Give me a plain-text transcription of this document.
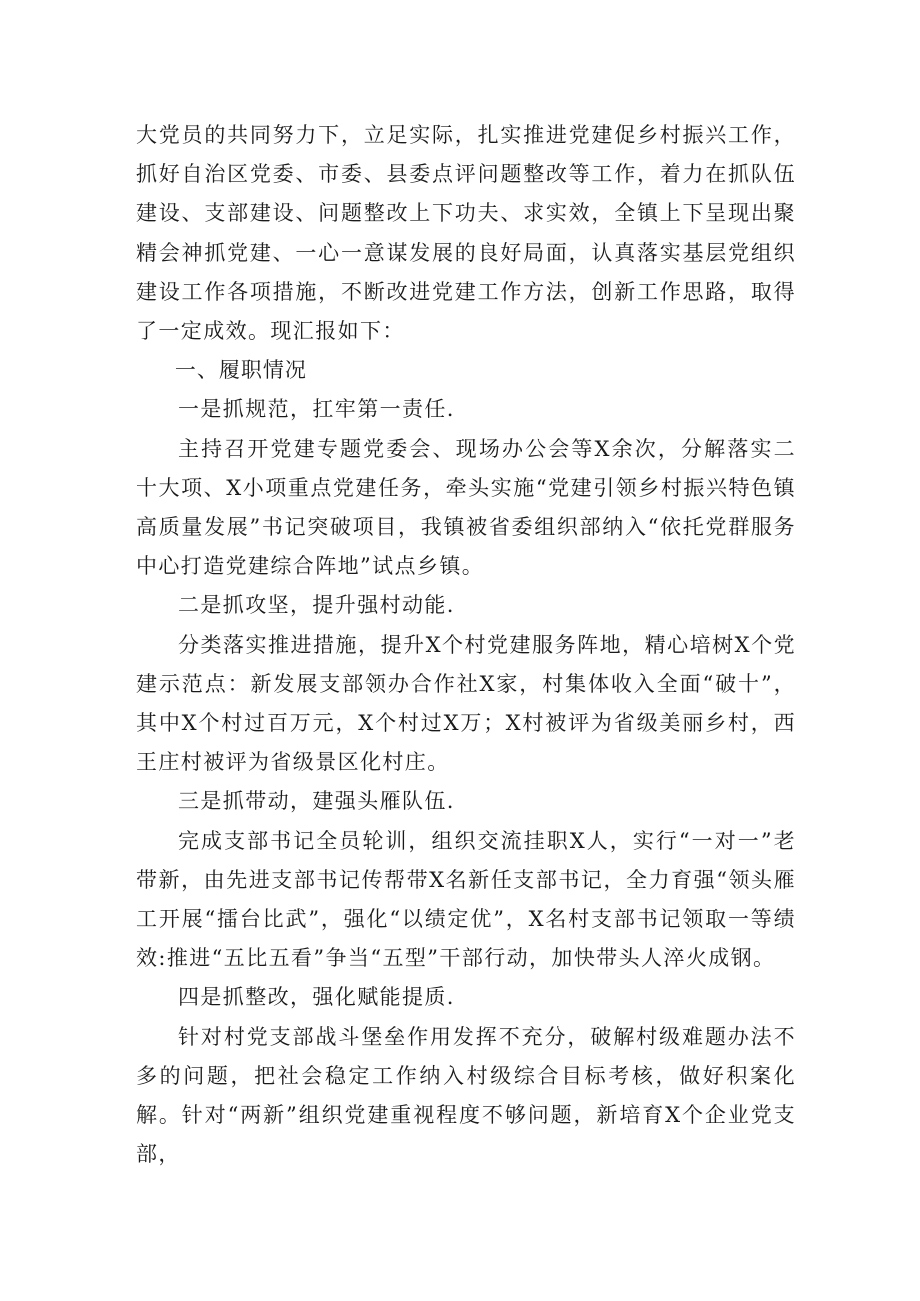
大党员的共同努力下，立足实际，扎实推进党建促乡村振兴工作，抓好自治区党委、市委、县委点评问题整改等工作，着力在抓队伍建设、支部建设、问题整改上下功夫、求实效，全镇上下呈现出聚精会神抓党建、一心一意谋发展的良好局面，认真落实基层党组织建设工作各项措施，不断改进党建工作方法，创新工作思路，取得了一定成效。现汇报如下：

一、履职情况

一是抓规范，扛牢第一责任.

主持召开党建专题党委会、现场办公会等X余次，分解落实二十大项、X小项重点党建任务，牵头实施“党建引领乡村振兴特色镇高质量发展”书记突破项目，我镇被省委组织部纳入“依托党群服务中心打造党建综合阵地”试点乡镇。

二是抓攻坚，提升强村动能.

分类落实推进措施，提升X个村党建服务阵地，精心培树X个党建示范点：新发展支部领办合作社X家，村集体收入全面“破十”，其中X个村过百万元，X个村过X万；X村被评为省级美丽乡村，西王庄村被评为省级景区化村庄。

三是抓带动，建强头雁队伍.

完成支部书记全员轮训，组织交流挂职X人，实行“一对一”老带新，由先进支部书记传帮带X名新任支部书记，全力育强“领头雁工开展“擂台比武”，强化“以绩定优”，X名村支部书记领取一等绩效:推进“五比五看”争当“五型”干部行动，加快带头人淬火成钢。

四是抓整改，强化赋能提质.

针对村党支部战斗堡垒作用发挥不充分，破解村级难题办法不多的问题，把社会稳定工作纳入村级综合目标考核，做好积案化解。针对“两新”组织党建重视程度不够问题，新培育X个企业党支部，
